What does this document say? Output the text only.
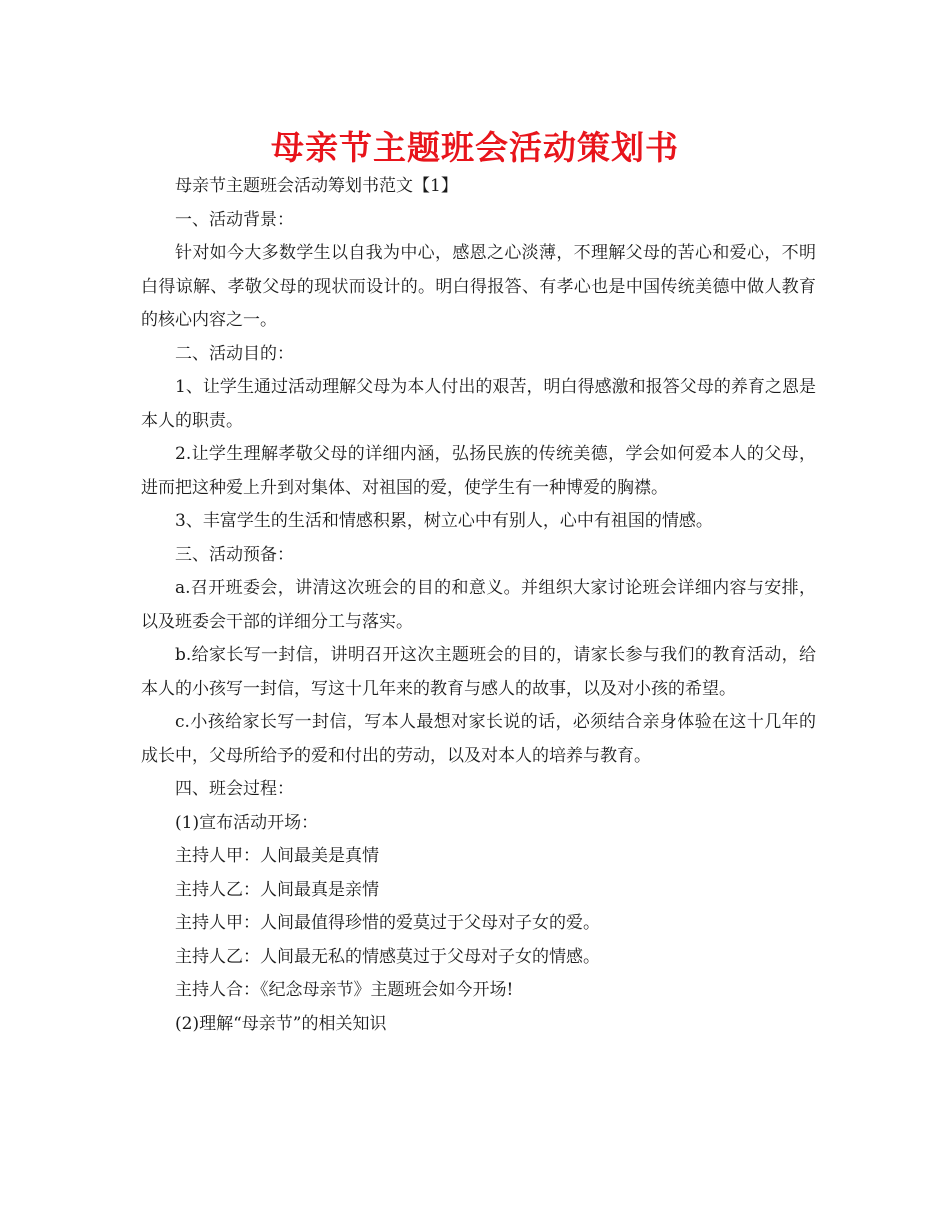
母亲节主题班会活动策划书

母亲节主题班会活动筹划书范文【1】

一、活动背景：

针对如今大多数学生以自我为中心，感恩之心淡薄，不理解父母的苦心和爱心，不明白得谅解、孝敬父母的现状而设计的。明白得报答、有孝心也是中国传统美德中做人教育的核心内容之一。

二、活动目的：

1、让学生通过活动理解父母为本人付出的艰苦，明白得感激和报答父母的养育之恩是本人的职责。

2.让学生理解孝敬父母的详细内涵，弘扬民族的传统美德，学会如何爱本人的父母，进而把这种爱上升到对集体、对祖国的爱，使学生有一种博爱的胸襟。

3、丰富学生的生活和情感积累，树立心中有别人，心中有祖国的情感。

三、活动预备：

a.召开班委会，讲清这次班会的目的和意义。并组织大家讨论班会详细内容与安排，以及班委会干部的详细分工与落实。

b.给家长写一封信，讲明召开这次主题班会的目的，请家长参与我们的教育活动，给本人的小孩写一封信，写这十几年来的教育与感人的故事，以及对小孩的希望。

c.小孩给家长写一封信，写本人最想对家长说的话，必须结合亲身体验在这十几年的成长中，父母所给予的爱和付出的劳动，以及对本人的培养与教育。

四、班会过程：

(1)宣布活动开场：

主持人甲：人间最美是真情

主持人乙：人间最真是亲情

主持人甲：人间最值得珍惜的爱莫过于父母对子女的爱。

主持人乙：人间最无私的情感莫过于父母对子女的情感。

主持人合：《纪念母亲节》主题班会如今开场!

(2)理解“母亲节”的相关知识
